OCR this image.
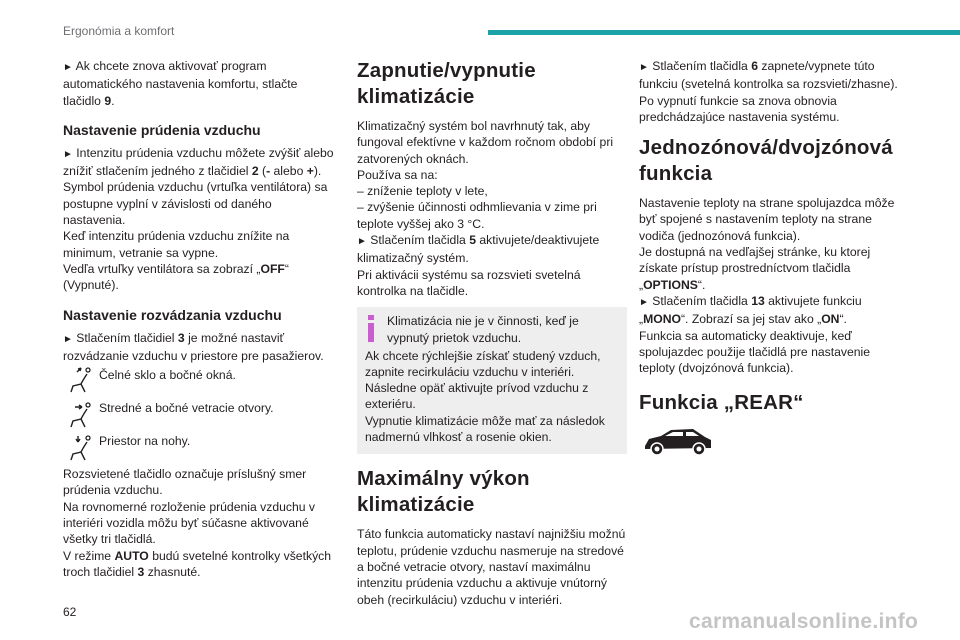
Ergonómia a komfort

► Ak chcete znova aktivovať program automatického nastavenia komfortu, stlačte tlačidlo 9.

Nastavenie prúdenia vzduchu

► Intenzitu prúdenia vzduchu môžete zvýšiť alebo znížiť stlačením jedného z tlačidiel 2 (- alebo +).

Symbol prúdenia vzduchu (vrtuľka ventilátora) sa postupne vyplní v závislosti od daného nastavenia.

Keď intenzitu prúdenia vzduchu znížite na minimum, vetranie sa vypne.

Vedľa vrtuľky ventilátora sa zobrazí „OFF“ (Vypnuté).

Nastavenie rozvádzania vzduchu

► Stlačením tlačidiel 3 je možné nastaviť rozvádzanie vzduchu v priestore pre pasažierov.

Čelné sklo a bočné okná.
Stredné a bočné vetracie otvory.
Priestor na nohy.

Rozsvietené tlačidlo označuje príslušný smer prúdenia vzduchu.

Na rovnomerné rozloženie prúdenia vzduchu v interiéri vozidla môžu byť súčasne aktivované všetky tri tlačidlá.

V režime AUTO budú svetelné kontrolky všetkých troch tlačidiel 3 zhasnuté.

Zapnutie/vypnutie klimatizácie

Klimatizačný systém bol navrhnutý tak, aby fungoval efektívne v každom ročnom období pri zatvorených oknách.

Používa sa na:

– zníženie teploty v lete,

– zvýšenie účinnosti odhmlievania v zime pri teplote vyššej ako 3 °C.

► Stlačením tlačidla 5 aktivujete/deaktivujete klimatizačný systém.

Pri aktivácii systému sa rozsvieti svetelná kontrolka na tlačidle.

Klimatizácia nie je v činnosti, keď je vypnutý prietok vzduchu.
Ak chcete rýchlejšie získať studený vzduch, zapnite recirkuláciu vzduchu v interiéri. Následne opäť aktivujte prívod vzduchu z exteriéru.
Vypnutie klimatizácie môže mať za následok nadmernú vlhkosť a rosenie okien.
Maximálny výkon klimatizácie

Táto funkcia automaticky nastaví najnižšiu možnú teplotu, prúdenie vzduchu nasmeruje na stredové a bočné vetracie otvory, nastaví maximálnu intenzitu prúdenia vzduchu a aktivuje vnútorný obeh (recirkuláciu) vzduchu v interiéri.

► Stlačením tlačidla 6 zapnete/vypnete túto funkciu (svetelná kontrolka sa rozsvieti/zhasne).

Po vypnutí funkcie sa znova obnovia predchádzajúce nastavenia systému.

Jednozónová/dvojzónová funkcia

Nastavenie teploty na strane spolujazdca môže byť spojené s nastavením teploty na strane vodiča (jednozónová funkcia).

Je dostupná na vedľajšej stránke, ku ktorej získate prístup prostredníctvom tlačidla „OPTIONS“.

► Stlačením tlačidla 13 aktivujete funkciu „MONO“. Zobrazí sa jej stav ako „ON“.

Funkcia sa automaticky deaktivuje, keď spolujazdec použije tlačidlá pre nastavenie teploty (dvojzónová funkcia).

Funkcia „REAR“
62	carmanualsonline.info
